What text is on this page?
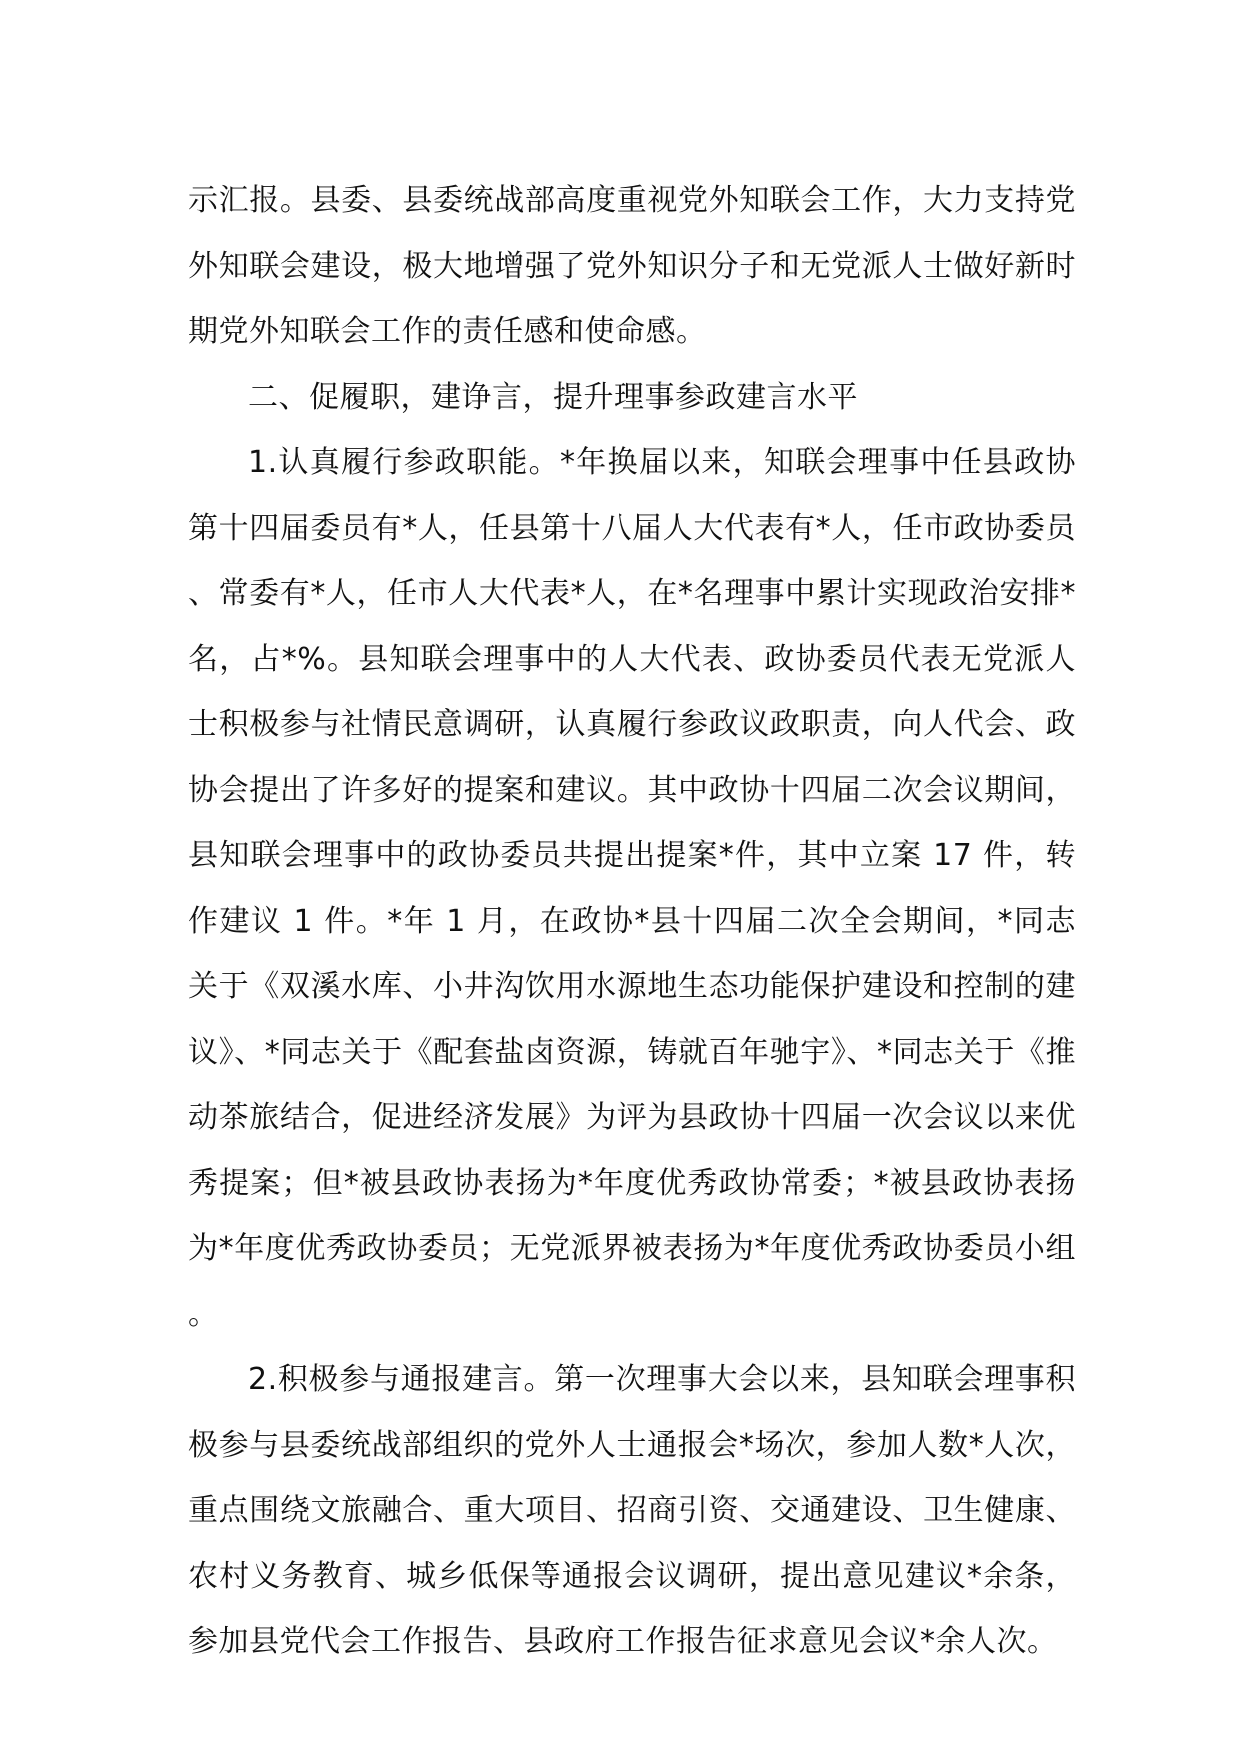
示汇报。县委、县委统战部高度重视党外知联会工作，大力支持党外知联会建设，极大地增强了党外知识分子和无党派人士做好新时期党外知联会工作的责任感和使命感。

二、促履职，建诤言，提升理事参政建言水平

1.认真履行参政职能。*年换届以来，知联会理事中任县政协第十四届委员有*人，任县第十八届人大代表有*人，任市政协委员、常委有*人，任市人大代表*人，在*名理事中累计实现政治安排*名，占*%。县知联会理事中的人大代表、政协委员代表无党派人士积极参与社情民意调研，认真履行参政议政职责，向人代会、政协会提出了许多好的提案和建议。其中政协十四届二次会议期间，县知联会理事中的政协委员共提出提案*件，其中立案 17 件，转作建议 1 件。*年 1 月，在政协*县十四届二次全会期间，*同志关于《双溪水库、小井沟饮用水源地生态功能保护建设和控制的建议》、*同志关于《配套盐卤资源，铸就百年驰宇》、*同志关于《推动茶旅结合，促进经济发展》为评为县政协十四届一次会议以来优秀提案；但*被县政协表扬为*年度优秀政协常委；*被县政协表扬为*年度优秀政协委员；无党派界被表扬为*年度优秀政协委员小组。

2.积极参与通报建言。第一次理事大会以来，县知联会理事积极参与县委统战部组织的党外人士通报会*场次，参加人数*人次，重点围绕文旅融合、重大项目、招商引资、交通建设、卫生健康、农村义务教育、城乡低保等通报会议调研，提出意见建议*余条，参加县党代会工作报告、县政府工作报告征求意见会议*余人次。
